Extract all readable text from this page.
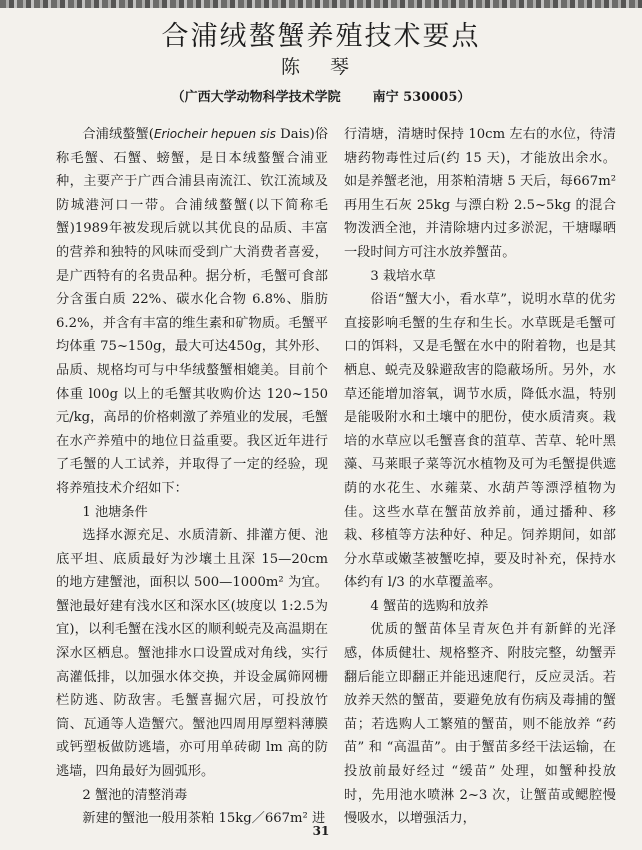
合浦绒螯蟹养殖技术要点
陈 琴
（广西大学动物科学技术学院 南宁 530005）

合浦绒螯蟹(Eriocheir hepuen sis Dais)俗称毛蟹、石蟹、螃蟹，是日本绒螯蟹合浦亚种，主要产于广西合浦县南流江、钦江流域及防城港河口一带。合浦绒螯蟹(以下简称毛蟹)1989年被发现后就以其优良的品质、丰富的营养和独特的风味而受到广大消费者喜爱，是广西特有的名贵品种。据分析，毛蟹可食部分含蛋白质 22%、碳水化合物 6.8%、脂肪 6.2%，并含有丰富的维生素和矿物质。毛蟹平均体重 75~150g，最大可达450g，其外形、品质、规格均可与中华绒螯蟹相媲美。目前个体重 l00g 以上的毛蟹其收购价达 120~150 元/kg，高昂的价格刺激了养殖业的发展，毛蟹在水产养殖中的地位日益重要。我区近年进行了毛蟹的人工试养，并取得了一定的经验，现将养殖技术介绍如下：

1 池塘条件

选择水源充足、水质清新、排灌方便、池底平坦、底质最好为沙壤土且深 15—20cm 的地方建蟹池，面积以 500—1000m² 为宜。蟹池最好建有浅水区和深水区(坡度以 1:2.5为宜)，以利毛蟹在浅水区的顺利蜕壳及高温期在深水区栖息。蟹池排水口设置成对角线，实行高灌低排，以加强水体交换，并设金属筛网栅栏防逃、防敌害。毛蟹喜掘穴居，可投放竹筒、瓦通等人造蟹穴。蟹池四周用厚塑料薄膜或钙塑板做防逃墙，亦可用单砖砌 lm 高的防逃墙，四角最好为圆弧形。

2 蟹池的清整消毒

新建的蟹池一般用茶粕 15kg／667m² 进

行清塘，清塘时保持 10cm 左右的水位，待清塘药物毒性过后(约 15 天)，才能放出余水。如是养蟹老池，用茶粕清塘 5 天后，每667m² 再用生石灰 25kg 与漂白粉 2.5~5kg 的混合物泼洒全池，并清除塘内过多淤泥，干塘曝晒一段时间方可注水放养蟹苗。

3 栽培水草

俗语“蟹大小，看水草”，说明水草的优劣直接影响毛蟹的生存和生长。水草既是毛蟹可口的饵料，又是毛蟹在水中的附着物，也是其栖息、蜕壳及躲避敌害的隐蔽场所。另外，水草还能增加溶氧，调节水质，降低水温，特别是能吸附水和土壤中的肥份，使水质清爽。栽培的水草应以毛蟹喜食的菹草、苦草、轮叶黑藻、马莱眼子菜等沉水植物及可为毛蟹提供遮荫的水花生、水蕹菜、水葫芦等漂浮植物为佳。这些水草在蟹苗放养前，通过播种、移栽、移植等方法种好、种足。饲养期间，如部分水草或嫩茎被蟹吃掉，要及时补充，保持水体约有 l/3 的水草覆盖率。

4 蟹苗的选购和放养

优质的蟹苗体呈青灰色并有新鲜的光泽感，体质健壮、规格整齐、附肢完整，幼蟹弄翻后能立即翻正并能迅速爬行，反应灵活。若放养天然的蟹苗，要避免放有伤病及毒捕的蟹苗；若选购人工繁殖的蟹苗，则不能放养 “药苗” 和 “高温苗”。由于蟹苗多经干法运输，在投放前最好经过 “缓苗” 处理，如蟹种投放时，先用池水喷淋 2~3 次，让蟹苗或鳃腔慢慢吸水，以增强活力，

31
